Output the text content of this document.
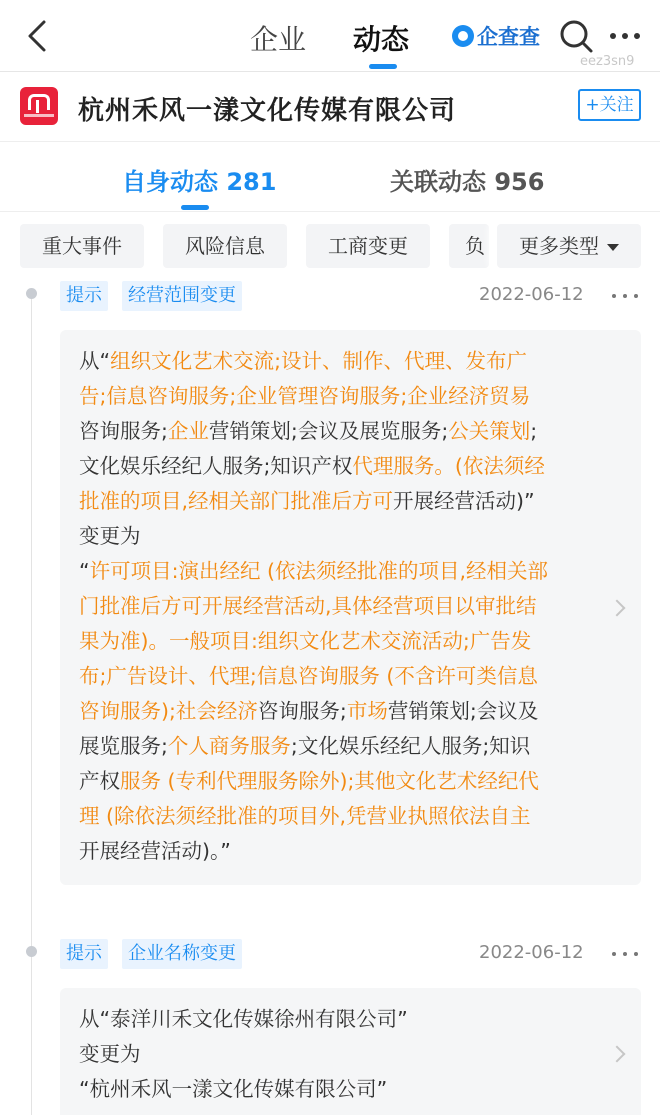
企业 动态	企查查
eez3sn9
杭州禾风一漾文化传媒有限公司	+关注
自身动态 281	关联动态 956
重大事件	风险信息	工商变更	负	更多类型
提示	经营范围变更	2022-06-12

从“组织文化艺术交流;设计、制作、代理、发布广

告;信息咨询服务;企业管理咨询服务;企业经济贸易

咨询服务;企业营销策划;会议及展览服务;公关策划;

文化娱乐经纪人服务;知识产权代理服务。(依法须经

批准的项目,经相关部门批准后方可开展经营活动)”

变更为

“许可项目:演出经纪 (依法须经批准的项目,经相关部

门批准后方可开展经营活动,具体经营项目以审批结

果为准)。一般项目:组织文化艺术交流活动;广告发

布;广告设计、代理;信息咨询服务 (不含许可类信息

咨询服务);社会经济咨询服务;市场营销策划;会议及

展览服务;个人商务服务;文化娱乐经纪人服务;知识

产权服务 (专利代理服务除外);其他文化艺术经纪代

理 (除依法须经批准的项目外,凭营业执照依法自主

开展经营活动)。”

提示	企业名称变更	2022-06-12

从“泰洋川禾文化传媒徐州有限公司”

变更为

“杭州禾风一漾文化传媒有限公司”
